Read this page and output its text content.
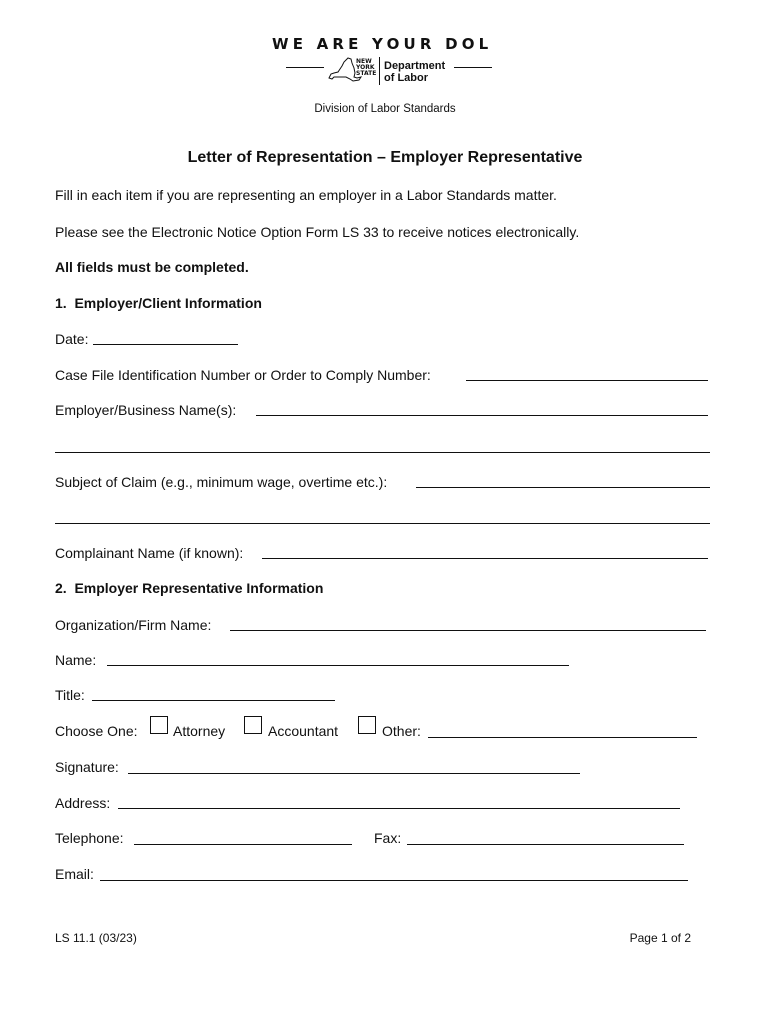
WE ARE YOUR DOL
NEW
YORK
STATE
Department
of Labor
Division of Labor Standards
Letter of Representation – Employer Representative
Fill in each item if you are representing an employer in a Labor Standards matter.
Please see the Electronic Notice Option Form LS 33 to receive notices electronically.
All fields must be completed.
1.  Employer/Client Information
Date:
Case File Identification Number or Order to Comply Number:
Employer/Business Name(s):
Subject of Claim (e.g., minimum wage, overtime etc.):
Complainant Name (if known):
2.  Employer Representative Information
Organization/Firm Name:
Name:
Title:
Choose One:	Attorney	Accountant	Other:
Signature:
Address:
Telephone:	Fax:
Email:
LS 11.1 (03/23)	Page 1 of 2
